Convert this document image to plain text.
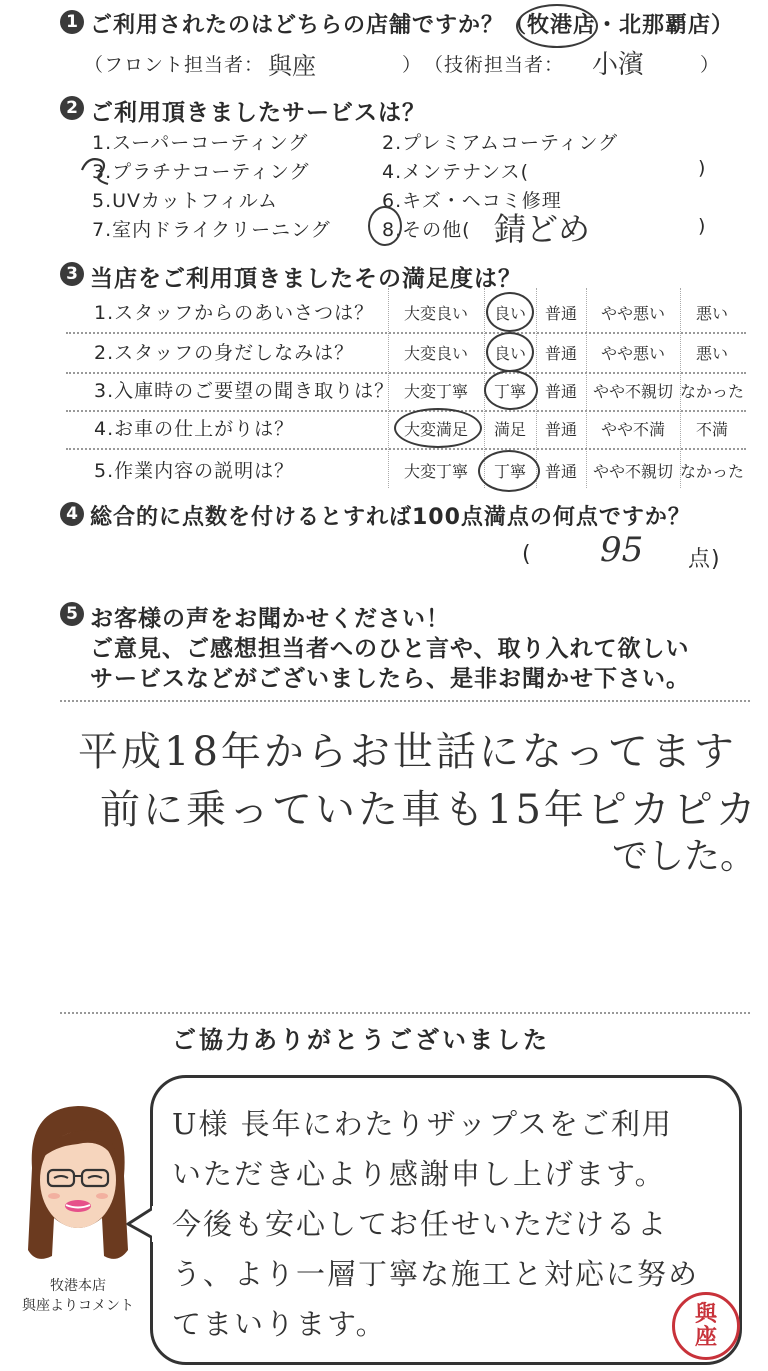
1 ご利用されたのはどちらの店舗ですか？（牧港店・北那覇店）
（フロント担当者： 與座	） （技術担当者： 小濱	）
2 ご利用頂きましたサービスは？
1.スーパーコーティング	2.プレミアムコーティング
3.プラチナコーティング	4.メンテナンス(	)
5.UVカットフィルム	6.キズ・ヘコミ修理
7.室内ドライクリーニング	8.その他( 錆どめ	)
3 当店をご利用頂きましたその満足度は？
1.スタッフからのあいさつは？	大変良い	良い	普通	やや悪い	悪い
2.スタッフの身だしなみは？	大変良い	良い	普通	やや悪い	悪い
3.入庫時のご要望の聞き取りは？ 大変丁寧	丁寧	普通 やや不親切 なかった
4.お車の仕上がりは？	大変満足	満足	普通	やや不満	不満
5.作業内容の説明は？	大変丁寧	丁寧	普通 やや不親切 なかった
4 総合的に点数を付けるとすれば100点満点の何点ですか？
( 95 点)
5 お客様の声をお聞かせください！
ご意見、ご感想担当者へのひと言や、取り入れて欲しい
サービスなどがございましたら、是非お聞かせ下さい。
平成18年からお世話になってます
前に乗っていた車も15年ピカピカ
でした。
ご協力ありがとうございました
牧港本店
與座よりコメント
U様 長年にわたりザップスをご利用
いただき心より感謝申し上げます。
今後も安心してお任せいただけるよ
う、より一層丁寧な施工と対応に努め
てまいります。	與
座
